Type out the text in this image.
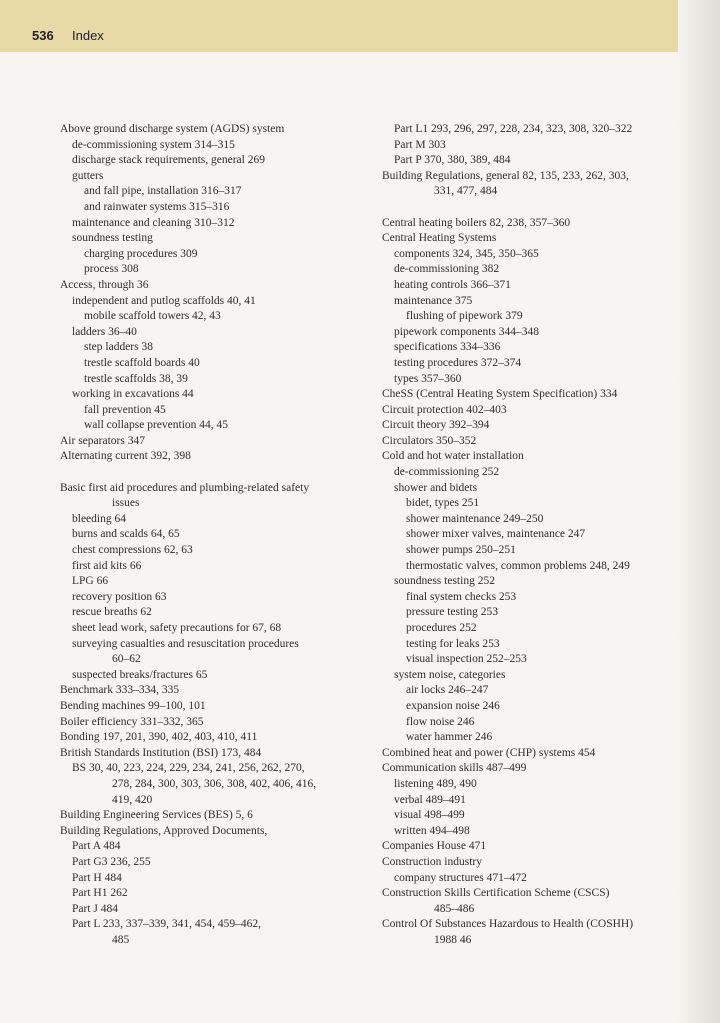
536 Index
Above ground discharge system (AGDS) system
de-commissioning system 314–315
discharge stack requirements, general 269
gutters
and fall pipe, installation 316–317
and rainwater systems 315–316
maintenance and cleaning 310–312
soundness testing
charging procedures 309
process 308
Access, through 36
independent and putlog scaffolds 40, 41
mobile scaffold towers 42, 43
ladders 36–40
step ladders 38
trestle scaffold boards 40
trestle scaffolds 38, 39
working in excavations 44
fall prevention 45
wall collapse prevention 44, 45
Air separators 347
Alternating current 392, 398
Basic first aid procedures and plumbing-related safety
issues
bleeding 64
burns and scalds 64, 65
chest compressions 62, 63
first aid kits 66
LPG 66
recovery position 63
rescue breaths 62
sheet lead work, safety precautions for 67, 68
surveying casualties and resuscitation procedures
60–62
suspected breaks/fractures 65
Benchmark 333–334, 335
Bending machines 99–100, 101
Boiler efficiency 331–332, 365
Bonding 197, 201, 390, 402, 403, 410, 411
British Standards Institution (BSI) 173, 484
BS 30, 40, 223, 224, 229, 234, 241, 256, 262, 270,
278, 284, 300, 303, 306, 308, 402, 406, 416,
419, 420
Building Engineering Services (BES) 5, 6
Building Regulations, Approved Documents,
Part A 484
Part G3 236, 255
Part H 484
Part H1 262
Part J 484
Part L 233, 337–339, 341, 454, 459–462,
485
Part L1 293, 296, 297, 228, 234, 323, 308, 320–322
Part M 303
Part P 370, 380, 389, 484
Building Regulations, general 82, 135, 233, 262, 303,
331, 477, 484
Central heating boilers 82, 238, 357–360
Central Heating Systems
components 324, 345, 350–365
de-commissioning 382
heating controls 366–371
maintenance 375
flushing of pipework 379
pipework components 344–348
specifications 334–336
testing procedures 372–374
types 357–360
CheSS (Central Heating System Specification) 334
Circuit protection 402–403
Circuit theory 392–394
Circulators 350–352
Cold and hot water installation
de-commissioning 252
shower and bidets
bidet, types 251
shower maintenance 249–250
shower mixer valves, maintenance 247
shower pumps 250–251
thermostatic valves, common problems 248, 249
soundness testing 252
final system checks 253
pressure testing 253
procedures 252
testing for leaks 253
visual inspection 252–253
system noise, categories
air locks 246–247
expansion noise 246
flow noise 246
water hammer 246
Combined heat and power (CHP) systems 454
Communication skills 487–499
listening 489, 490
verbal 489–491
visual 498–499
written 494–498
Companies House 471
Construction industry
company structures 471–472
Construction Skills Certification Scheme (CSCS)
485–486
Control Of Substances Hazardous to Health (COSHH)
1988 46
